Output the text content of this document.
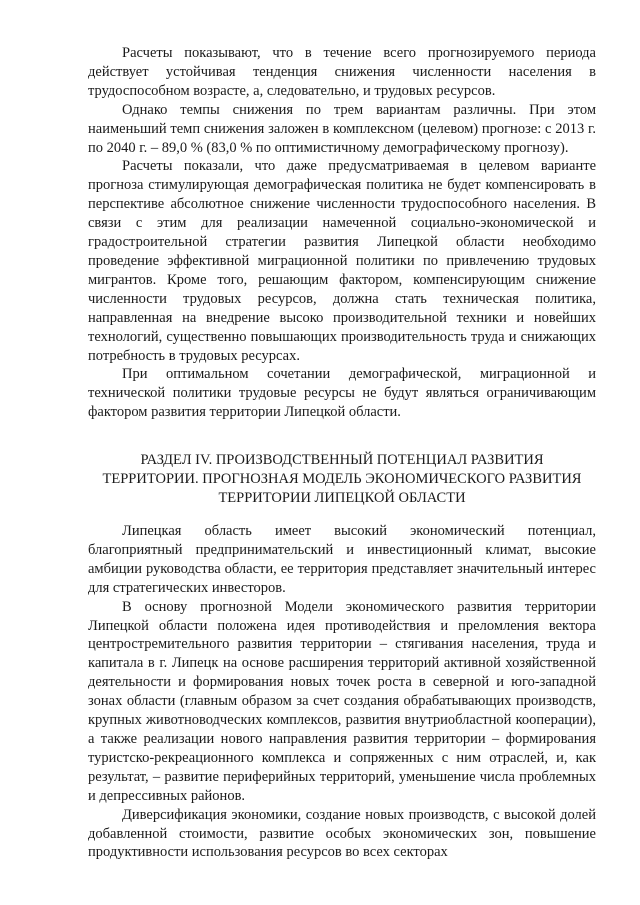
Расчеты показывают, что в течение всего прогнозируемого периода действует устойчивая тенденция снижения численности населения в трудоспособном возрасте, а, следовательно, и трудовых ресурсов.

Однако темпы снижения по трем вариантам различны. При этом наименьший темп снижения заложен в комплексном (целевом) прогнозе: с 2013 г. по 2040 г. – 89,0 % (83,0 % по оптимистичному демографическому прогнозу).

Расчеты показали, что даже предусматриваемая в целевом варианте прогноза стимулирующая демографическая политика не будет компенсировать в перспективе абсолютное снижение численности трудоспособного населения. В связи с этим для реализации намеченной социально-экономической и градостроительной стратегии развития Липецкой области необходимо проведение эффективной миграционной политики по привлечению трудовых мигрантов. Кроме того, решающим фактором, компенсирующим снижение численности трудовых ресурсов, должна стать техническая политика, направленная на внедрение высоко производительной техники и новейших технологий, существенно повышающих производительность труда и снижающих потребность в трудовых ресурсах.

При оптимальном сочетании демографической, миграционной и технической политики трудовые ресурсы не будут являться ограничивающим фактором развития территории Липецкой области.

РАЗДЕЛ IV. ПРОИЗВОДСТВЕННЫЙ ПОТЕНЦИАЛ РАЗВИТИЯ
ТЕРРИТОРИИ. ПРОГНОЗНАЯ МОДЕЛЬ ЭКОНОМИЧЕСКОГО РАЗВИТИЯ
ТЕРРИТОРИИ ЛИПЕЦКОЙ ОБЛАСТИ

Липецкая область имеет высокий экономический потенциал, благоприятный предпринимательский и инвестиционный климат, высокие амбиции руководства области, ее территория представляет значительный интерес для стратегических инвесторов.

В основу прогнозной Модели экономического развития территории Липецкой области положена идея противодействия и преломления вектора центростремительного развития территории – стягивания населения, труда и капитала в г. Липецк на основе расширения территорий активной хозяйственной деятельности и формирования новых точек роста в северной и юго-западной зонах области (главным образом за счет создания обрабатывающих производств, крупных животноводческих комплексов, развития внутриобластной кооперации), а также реализации нового направления развития территории – формирования туристско-рекреационного комплекса и сопряженных с ним отраслей, и, как результат, – развитие периферийных территорий, уменьшение числа проблемных и депрессивных районов.

Диверсификация экономики, создание новых производств, с высокой долей добавленной стоимости, развитие особых экономических зон, повышение продуктивности использования ресурсов во всех секторах
